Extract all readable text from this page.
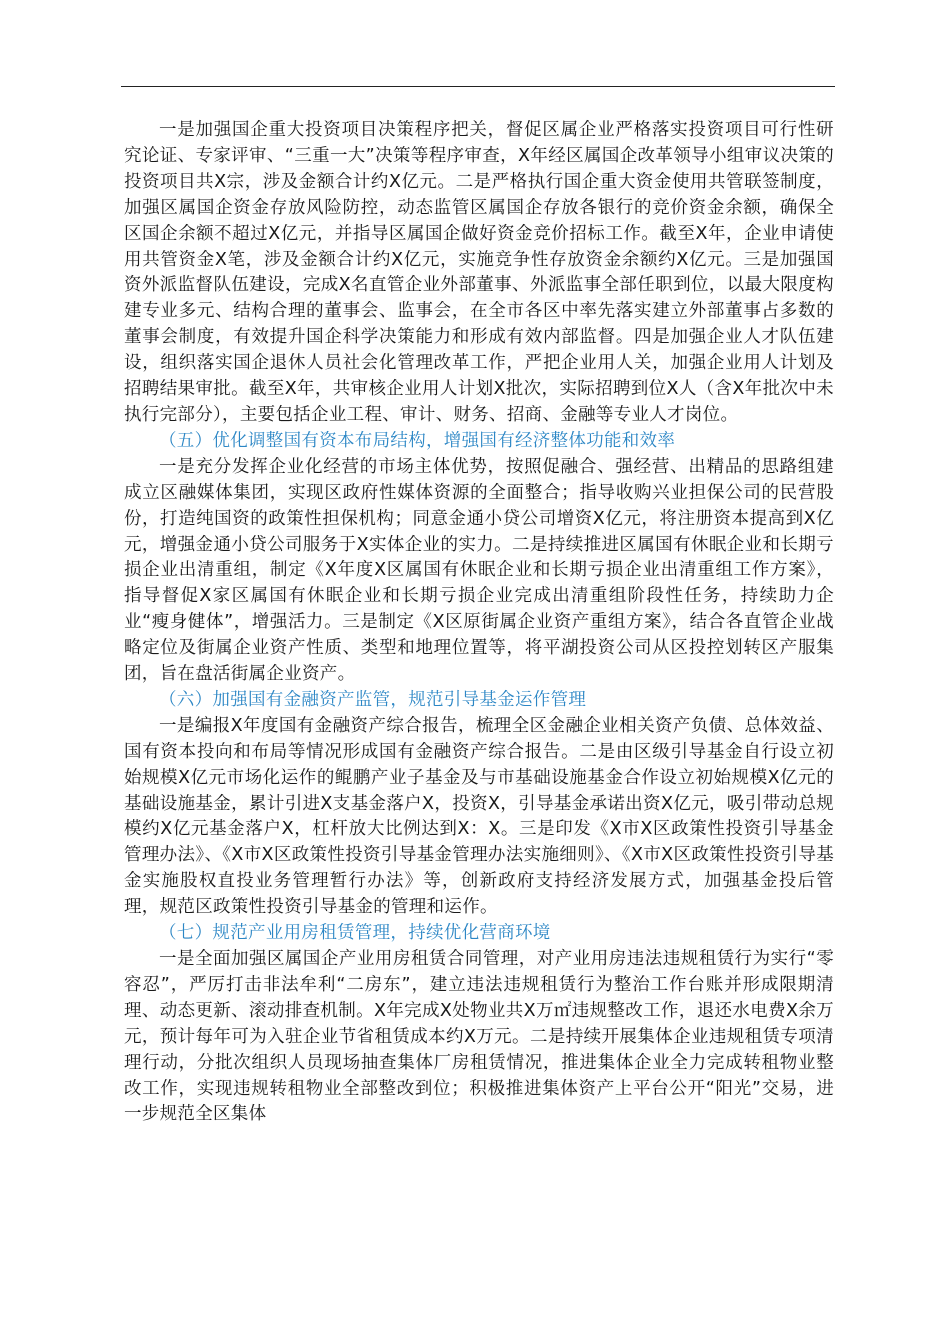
一是加强国企重大投资项目决策程序把关，督促区属企业严格落实投资项目可行性研究论证、专家评审、“三重一大”决策等程序审查，X年经区属国企改革领导小组审议决策的投资项目共X宗，涉及金额合计约X亿元。二是严格执行国企重大资金使用共管联签制度，加强区属国企资金存放风险防控，动态监管区属国企存放各银行的竞价资金余额，确保全区国企余额不超过X亿元，并指导区属国企做好资金竞价招标工作。截至X年，企业申请使用共管资金X笔，涉及金额合计约X亿元，实施竞争性存放资金余额约X亿元。三是加强国资外派监督队伍建设，完成X名直管企业外部董事、外派监事全部任职到位，以最大限度构建专业多元、结构合理的董事会、监事会，在全市各区中率先落实建立外部董事占多数的董事会制度，有效提升国企科学决策能力和形成有效内部监督。四是加强企业人才队伍建设，组织落实国企退休人员社会化管理改革工作，严把企业用人关，加强企业用人计划及招聘结果审批。截至X年，共审核企业用人计划X批次，实际招聘到位X人（含X年批次中未执行完部分），主要包括企业工程、审计、财务、招商、金融等专业人才岗位。

（五）优化调整国有资本布局结构，增强国有经济整体功能和效率

一是充分发挥企业化经营的市场主体优势，按照促融合、强经营、出精品的思路组建成立区融媒体集团，实现区政府性媒体资源的全面整合；指导收购兴业担保公司的民营股份，打造纯国资的政策性担保机构；同意金通小贷公司增资X亿元，将注册资本提高到X亿元，增强金通小贷公司服务于X实体企业的实力。二是持续推进区属国有休眠企业和长期亏损企业出清重组，制定《X年度X区属国有休眠企业和长期亏损企业出清重组工作方案》，指导督促X家区属国有休眠企业和长期亏损企业完成出清重组阶段性任务，持续助力企业“瘦身健体”，增强活力。三是制定《X区原街属企业资产重组方案》，结合各直管企业战略定位及街属企业资产性质、类型和地理位置等，将平湖投资公司从区投控划转区产服集团，旨在盘活街属企业资产。

（六）加强国有金融资产监管，规范引导基金运作管理

一是编报X年度国有金融资产综合报告，梳理全区金融企业相关资产负债、总体效益、国有资本投向和布局等情况形成国有金融资产综合报告。二是由区级引导基金自行设立初始规模X亿元市场化运作的鲲鹏产业子基金及与市基础设施基金合作设立初始规模X亿元的基础设施基金，累计引进X支基金落户X，投资X，引导基金承诺出资X亿元，吸引带动总规模约X亿元基金落户X，杠杆放大比例达到X：X。三是印发《X市X区政策性投资引导基金管理办法》、《X市X区政策性投资引导基金管理办法实施细则》、《X市X区政策性投资引导基金实施股权直投业务管理暂行办法》等，创新政府支持经济发展方式，加强基金投后管理，规范区政策性投资引导基金的管理和运作。

（七）规范产业用房租赁管理，持续优化营商环境

一是全面加强区属国企产业用房租赁合同管理，对产业用房违法违规租赁行为实行“零容忍”，严厉打击非法牟利“二房东”，建立违法违规租赁行为整治工作台账并形成限期清理、动态更新、滚动排查机制。X年完成X处物业共X万㎡违规整改工作，退还水电费X余万元，预计每年可为入驻企业节省租赁成本约X万元。二是持续开展集体企业违规租赁专项清理行动，分批次组织人员现场抽查集体厂房租赁情况，推进集体企业全力完成转租物业整改工作，实现违规转租物业全部整改到位；积极推进集体资产上平台公开“阳光”交易，进一步规范全区集体
